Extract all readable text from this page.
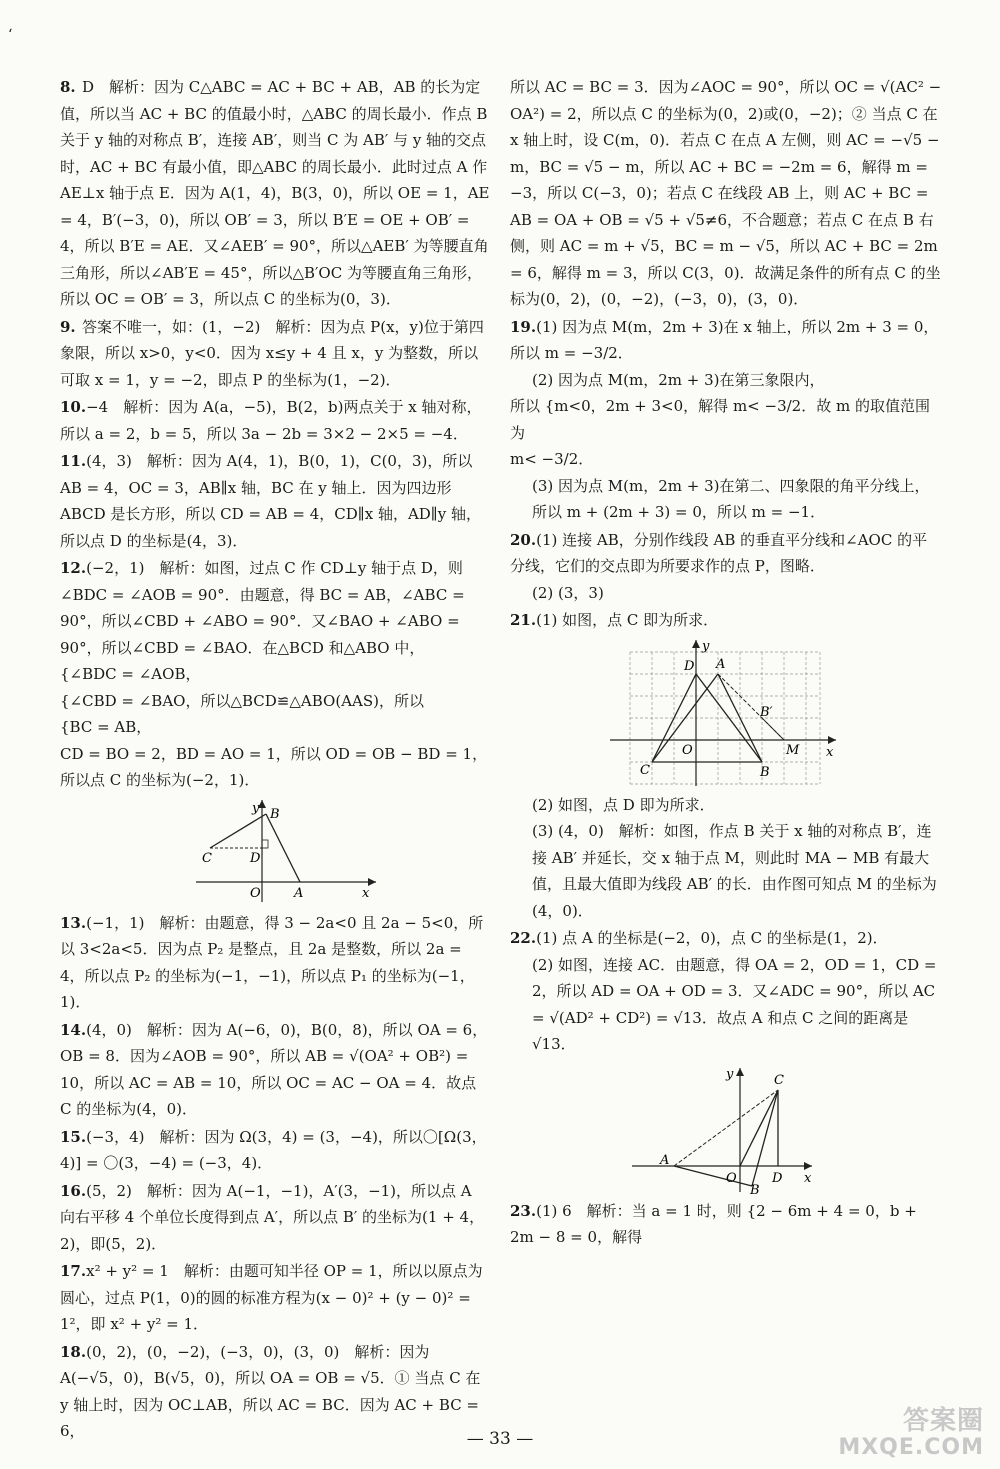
‘
8. D　解析：因为 C△ABC = AC + BC + AB，AB 的长为定值，所以当 AC + BC 的值最小时，△ABC 的周长最小．作点 B 关于 y 轴的对称点 B′，连接 AB′，则当 C 为 AB′ 与 y 轴的交点时，AC + BC 有最小值，即△ABC 的周长最小．此时过点 A 作 AE⊥x 轴于点 E．因为 A(1，4)，B(3，0)，所以 OE = 1，AE = 4，B′(−3，0)，所以 OB′ = 3，所以 B′E = OE + OB′ = 4，所以 B′E = AE．又∠AEB′ = 90°，所以△AEB′ 为等腰直角三角形，所以∠AB′E = 45°，所以△B′OC 为等腰直角三角形，所以 OC = OB′ = 3，所以点 C 的坐标为(0，3)．
9. 答案不唯一，如：(1，−2)　解析：因为点 P(x，y)位于第四象限，所以 x>0，y<0．因为 x≤y + 4 且 x，y 为整数，所以可取 x = 1，y = −2，即点 P 的坐标为(1，−2)．
10.−4　解析：因为 A(a，−5)，B(2，b)两点关于 x 轴对称，所以 a = 2，b = 5，所以 3a − 2b = 3×2 − 2×5 = −4．
11.(4，3)　解析：因为 A(4，1)，B(0，1)，C(0，3)，所以 AB = 4，OC = 3，AB∥x 轴，BC 在 y 轴上．因为四边形 ABCD 是长方形，所以 CD = AB = 4，CD∥x 轴，AD∥y 轴，所以点 D 的坐标是(4，3)．
12.(−2，1)　解析：如图，过点 C 作 CD⊥y 轴于点 D，则∠BDC = ∠AOB = 90°．由题意，得 BC = AB，∠ABC = 90°，所以∠CBD + ∠ABO = 90°．又∠BAO + ∠ABO = 90°，所以∠CBD = ∠BAO．在△BCD 和△ABO 中，
{∠BDC = ∠AOB，
{∠CBD = ∠BAO，所以△BCD≌△ABO(AAS)，所以
{BC = AB，
CD = BO = 2，BD = AO = 1，所以 OD = OB − BD = 1，所以点 C 的坐标为(−2，1)．
y B
C	D
O	A	x
13.(−1，1)　解析：由题意，得 3 − 2a<0 且 2a − 5<0，所以 3<2a<5．因为点 P₂ 是整点，且 2a 是整数，所以 2a = 4，所以点 P₂ 的坐标为(−1，−1)，所以点 P₁ 的坐标为(−1，1)．
14.(4，0)　解析：因为 A(−6，0)，B(0，8)，所以 OA = 6，OB = 8．因为∠AOB = 90°，所以 AB = √(OA² + OB²) = 10，所以 AC = AB = 10，所以 OC = AC − OA = 4．故点 C 的坐标为(4，0)．
15.(−3，4)　解析：因为 Ω(3，4) = (3，−4)，所以〇[Ω(3，4)] = 〇(3，−4) = (−3，4)．
16.(5，2)　解析：因为 A(−1，−1)，A′(3，−1)，所以点 A 向右平移 4 个单位长度得到点 A′，所以点 B′ 的坐标为(1 + 4，2)，即(5，2)．
17.x² + y² = 1　解析：由题可知半径 OP = 1，所以以原点为圆心，过点 P(1，0)的圆的标准方程为(x − 0)² + (y − 0)² = 1²，即 x² + y² = 1．
18.(0，2)，(0，−2)，(−3，0)，(3，0)　解析：因为 A(−√5，0)，B(√5，0)，所以 OA = OB = √5．① 当点 C 在 y 轴上时，因为 OC⊥AB，所以 AC = BC．因为 AC + BC = 6，
所以 AC = BC = 3．因为∠AOC = 90°，所以 OC = √(AC² − OA²) = 2，所以点 C 的坐标为(0，2)或(0，−2)；② 当点 C 在 x 轴上时，设 C(m，0)．若点 C 在点 A 左侧，则 AC = −√5 − m，BC = √5 − m，所以 AC + BC = −2m = 6，解得 m = −3，所以 C(−3，0)；若点 C 在线段 AB 上，则 AC + BC = AB = OA + OB = √5 + √5≠6，不合题意；若点 C 在点 B 右侧，则 AC = m + √5，BC = m − √5，所以 AC + BC = 2m = 6，解得 m = 3，所以 C(3，0)．故满足条件的所有点 C 的坐标为(0，2)，(0，−2)，(−3，0)，(3，0)．
19.(1) 因为点 M(m，2m + 3)在 x 轴上，所以 2m + 3 = 0，
所以 m = −3/2．
(2) 因为点 M(m，2m + 3)在第三象限内，
所以 {m<0，2m + 3<0，解得 m< −3/2．故 m 的取值范围为
m< −3/2．
(3) 因为点 M(m，2m + 3)在第二、四象限的角平分线上，所以 m + (2m + 3) = 0，所以 m = −1．
20.(1) 连接 AB，分别作线段 AB 的垂直平分线和∠AOC 的平分线，它们的交点即为所要求作的点 P，图略．
(2) (3，3)
21.(1) 如图，点 C 即为所求．
y
D A
B′
O	M x
C	B
(2) 如图，点 D 即为所求．
(3) (4，0)　解析：如图，作点 B 关于 x 轴的对称点 B′，连接 AB′ 并延长，交 x 轴于点 M，则此时 MA − MB 有最大值，且最大值即为线段 AB′ 的长．由作图可知点 M 的坐标为(4，0)．
22.(1) 点 A 的坐标是(−2，0)，点 C 的坐标是(1，2)．
(2) 如图，连接 AC．由题意，得 OA = 2，OD = 1，CD = 2，所以 AD = OA + OD = 3．又∠ADC = 90°，所以 AC = √(AD² + CD²) = √13．故点 A 和点 C 之间的距离是 √13．
y	C
A
O	D x
B
23.(1) 6　解析：当 a = 1 时，则 {2 − 6m + 4 = 0，b + 2m − 8 = 0，解得
— 33 —
答案圈
MXQE.COM
